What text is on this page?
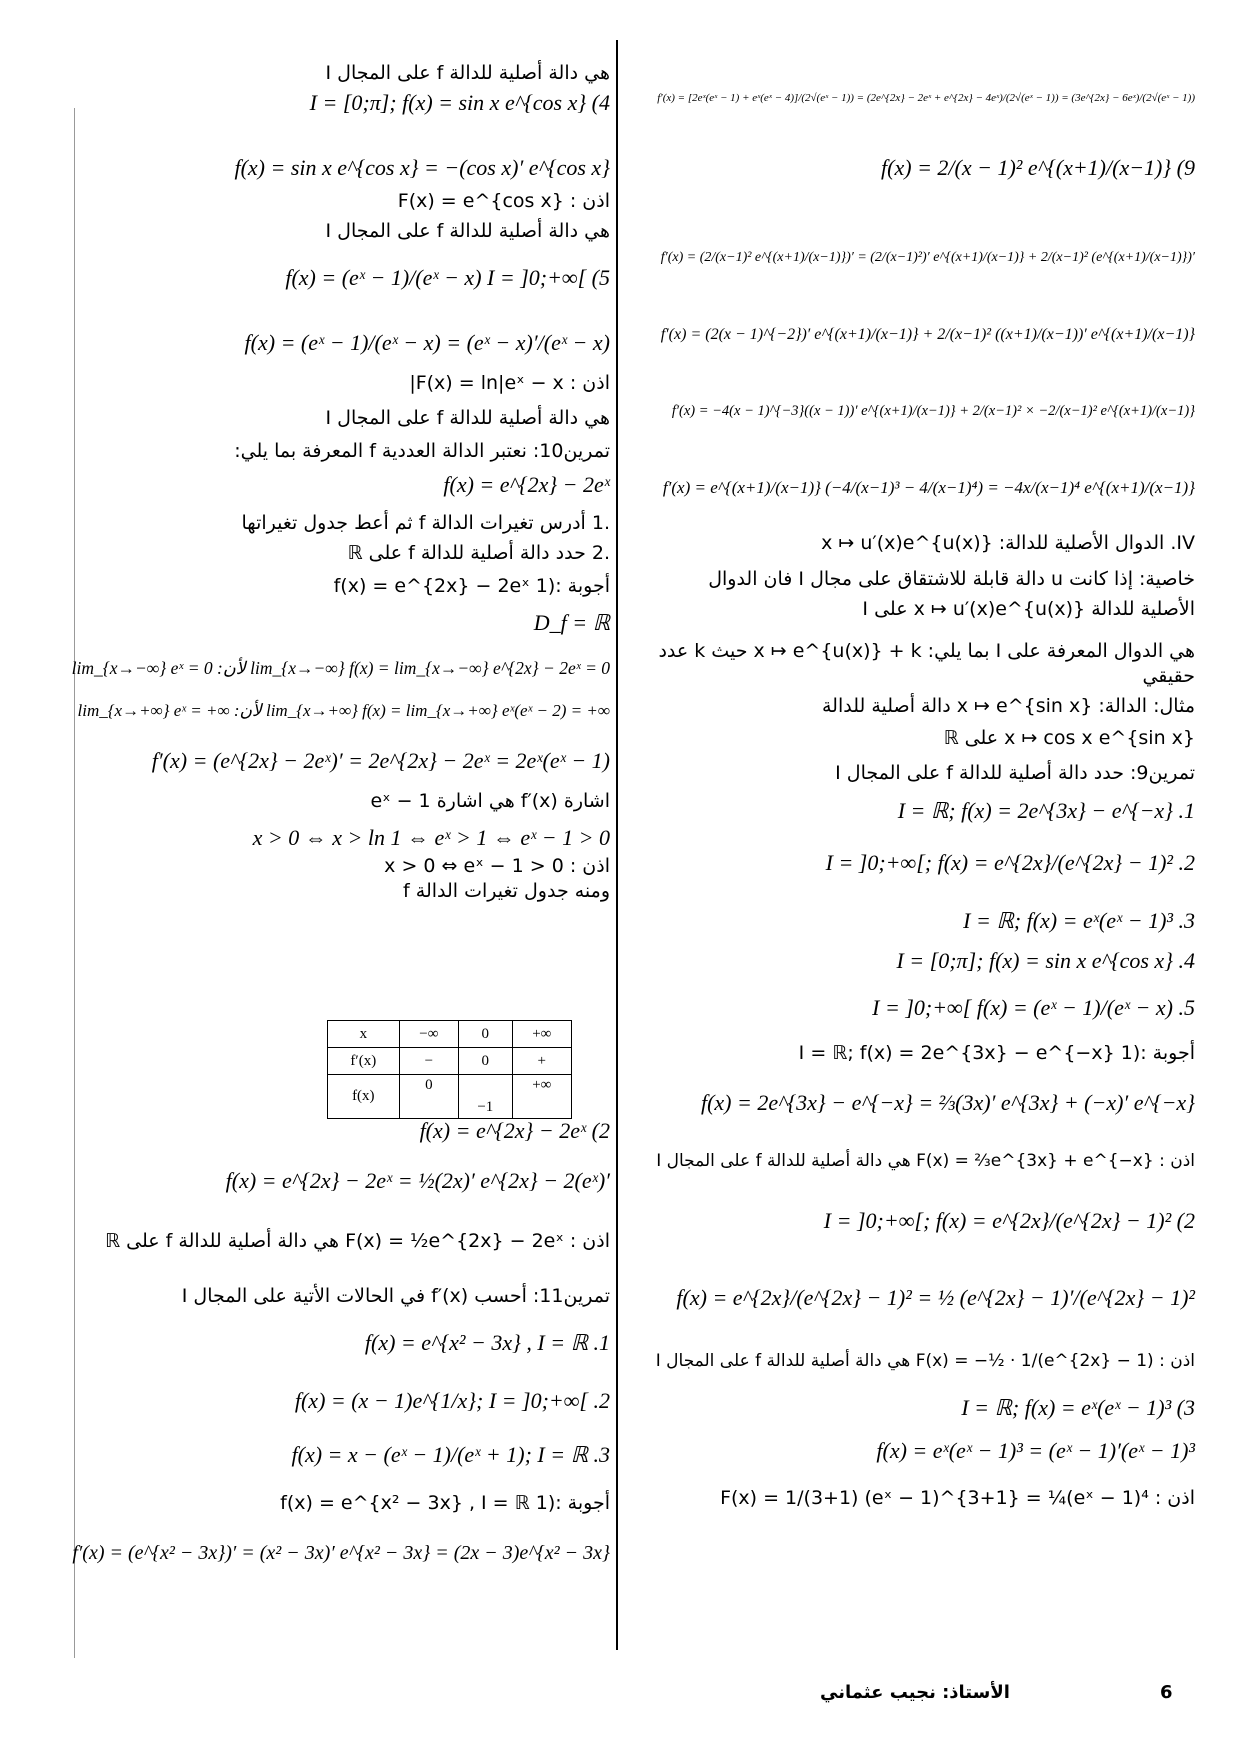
هي دالة أصلية للدالة f على المجال I
I = [0;π]; f(x) = sin x e^{cos x} (4
f(x) = sin x e^{cos x} = −(cos x)′ e^{cos x}
اذن : F(x) = e^{cos x}
هي دالة أصلية للدالة f على المجال I
f(x) = (eˣ − 1)/(eˣ − x) I = ]0;+∞[ (5
f(x) = (eˣ − 1)/(eˣ − x) = (eˣ − x)′/(eˣ − x)
اذن : F(x) = ln|eˣ − x|
هي دالة أصلية للدالة f على المجال I
تمرين10: نعتبر الدالة العددية f المعرفة بما يلي:
f(x) = e^{2x} − 2eˣ
.1 أدرس تغيرات الدالة f ثم أعط جدول تغيراتها
.2 حدد دالة أصلية للدالة f على ℝ
أجوبة :(1 f(x) = e^{2x} − 2eˣ
D_f = ℝ
lim_{x→−∞} eˣ = 0 :لأن lim_{x→−∞} f(x) = lim_{x→−∞} e^{2x} − 2eˣ = 0
lim_{x→+∞} eˣ = +∞ :لأن lim_{x→+∞} f(x) = lim_{x→+∞} eˣ(eˣ − 2) = +∞
f′(x) = (e^{2x} − 2eˣ)′ = 2e^{2x} − 2eˣ = 2eˣ(eˣ − 1)
اشارة f′(x) هي اشارة eˣ − 1
x > 0 ⇔ x > ln 1 ⇔ eˣ > 1 ⇔ eˣ − 1 > 0
اذن : x > 0 ⇔ eˣ − 1 > 0
ومنه جدول تغيرات الدالة f
f(x) = e^{2x} − 2eˣ (2
f(x) = e^{2x} − 2eˣ = ½(2x)′ e^{2x} − 2(eˣ)′
اذن : F(x) = ½e^{2x} − 2eˣ هي دالة أصلية للدالة f على ℝ
تمرين11: أحسب f′(x) في الحالات الأتية على المجال I
f(x) = e^{x² − 3x} , I = ℝ .1
f(x) = (x − 1)e^{1/x}; I = ]0;+∞[ .2
f(x) = x − (eˣ − 1)/(eˣ + 1); I = ℝ .3
أجوبة :(1 f(x) = e^{x² − 3x} , I = ℝ
f′(x) = (e^{x² − 3x})′ = (x² − 3x)′ e^{x² − 3x} = (2x − 3)e^{x² − 3x}
f′(x) = [2eˣ(eˣ − 1) + eˣ(eˣ − 4)]/(2√(eˣ − 1)) = (2e^{2x} − 2eˣ + e^{2x} − 4eˣ)/(2√(eˣ − 1)) = (3e^{2x} − 6eˣ)/(2√(eˣ − 1))
f(x) = 2/(x − 1)² e^{(x+1)/(x−1)} (9
f′(x) = (2/(x−1)² e^{(x+1)/(x−1)})′ = (2/(x−1)²)′ e^{(x+1)/(x−1)} + 2/(x−1)² (e^{(x+1)/(x−1)})′
f′(x) = (2(x − 1)^{−2})′ e^{(x+1)/(x−1)} + 2/(x−1)² ((x+1)/(x−1))′ e^{(x+1)/(x−1)}
f′(x) = −4(x − 1)^{−3}((x − 1))′ e^{(x+1)/(x−1)} + 2/(x−1)² × −2/(x−1)² e^{(x+1)/(x−1)}
f′(x) = e^{(x+1)/(x−1)} (−4/(x−1)³ − 4/(x−1)⁴) = −4x/(x−1)⁴ e^{(x+1)/(x−1)}
IV. الدوال الأصلية للدالة: x ↦ u′(x)e^{u(x)}
خاصية: إذا كانت u دالة قابلة للاشتقاق على مجال I فان الدوال
الأصلية للدالة x ↦ u′(x)e^{u(x)} على I
هي الدوال المعرفة على I بما يلي: x ↦ e^{u(x)} + k حيث k عدد
حقيقي
مثال: الدالة: x ↦ e^{sin x} دالة أصلية للدالة
x ↦ cos x e^{sin x} على ℝ
تمرين9: حدد دالة أصلية للدالة f على المجال I
I = ℝ; f(x) = 2e^{3x} − e^{−x} .1
I = ]0;+∞[; f(x) = e^{2x}/(e^{2x} − 1)² .2
I = ℝ; f(x) = eˣ(eˣ − 1)³ .3
I = [0;π]; f(x) = sin x e^{cos x} .4
I = ]0;+∞[ f(x) = (eˣ − 1)/(eˣ − x) .5
أجوبة :(1 I = ℝ; f(x) = 2e^{3x} − e^{−x}
f(x) = 2e^{3x} − e^{−x} = ⅔(3x)′ e^{3x} + (−x)′ e^{−x}
اذن : F(x) = ⅔e^{3x} + e^{−x} هي دالة أصلية للدالة f على المجال I
I = ]0;+∞[; f(x) = e^{2x}/(e^{2x} − 1)² (2
f(x) = e^{2x}/(e^{2x} − 1)² = ½ (e^{2x} − 1)′/(e^{2x} − 1)²
اذن : F(x) = −½ · 1/(e^{2x} − 1) هي دالة أصلية للدالة f على المجال I
I = ℝ; f(x) = eˣ(eˣ − 1)³ (3
f(x) = eˣ(eˣ − 1)³ = (eˣ − 1)′(eˣ − 1)³
اذن : F(x) = 1/(3+1) (eˣ − 1)^{3+1} = ¼(eˣ − 1)⁴
x	−∞	0	+∞
f′(x)	−	0	+
f(x)	0	−1	+∞
6
الأستاذ: نجيب عثماني
